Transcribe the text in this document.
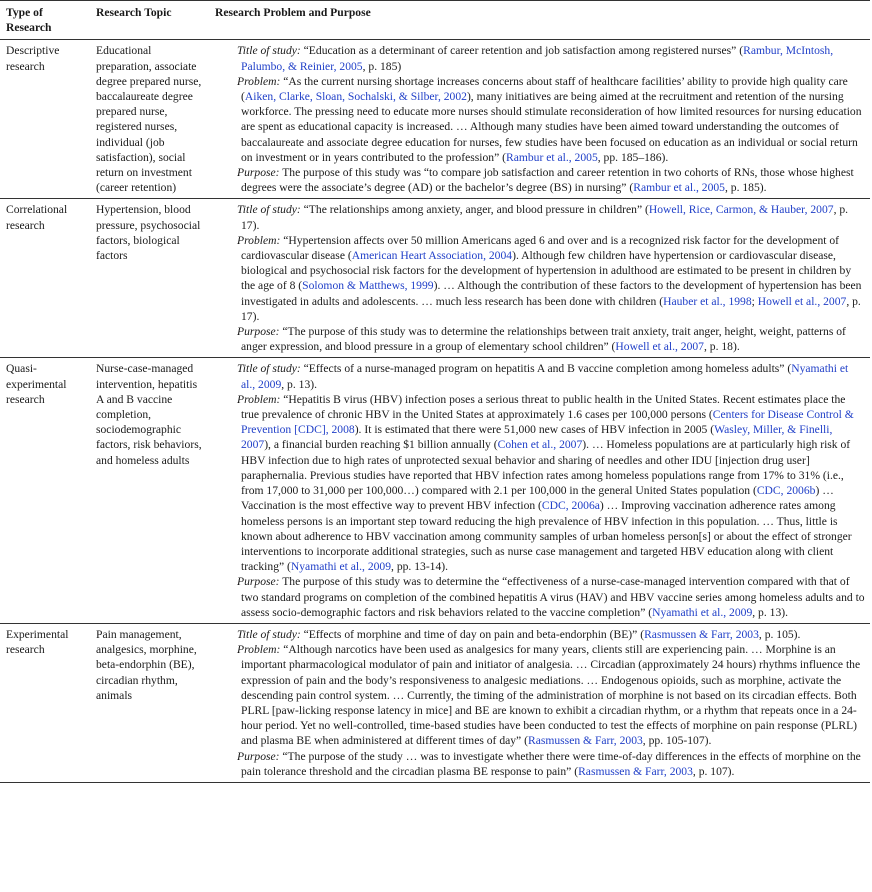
Type of Research	Research Topic	Research Problem and Purpose
Descriptive research	Educational preparation, associate degree prepared nurse, baccalaureate degree prepared nurse, registered nurses, individual (job satisfaction), social return on investment (career retention)	Title of study: “Education as a determinant of career retention and job satisfaction among registered nurses” (Rambur, McIntosh, Palumbo, & Reinier, 2005, p. 185)
Problem: “As the current nursing shortage increases concerns about staff of healthcare facilities’ ability to provide high quality care (Aiken, Clarke, Sloan, Sochalski, & Silber, 2002), many initiatives are being aimed at the recruitment and retention of the nursing workforce. The pressing need to educate more nurses should stimulate reconsideration of how limited resources for nursing education are spent as educational capacity is increased. … Although many studies have been aimed toward understanding the outcomes of baccalaureate and associate degree education for nurses, few studies have been focused on education as an individual or social return on investment or in years contributed to the profession” (Rambur et al., 2005, pp. 185–186).
Purpose: The purpose of this study was “to compare job satisfaction and career retention in two cohorts of RNs, those whose highest degrees were the associate’s degree (AD) or the bachelor’s degree (BS) in nursing” (Rambur et al., 2005, p. 185).

Correlational research	Hypertension, blood pressure, psychosocial factors, biological factors	Title of study: “The relationships among anxiety, anger, and blood pressure in children” (Howell, Rice, Carmon, & Hauber, 2007, p. 17).
Problem: “Hypertension affects over 50 million Americans aged 6 and over and is a recognized risk factor for the development of cardiovascular disease (American Heart Association, 2004). Although few children have hypertension or cardiovascular disease, biological and psychosocial risk factors for the development of hypertension in adulthood are estimated to be present in children by the age of 8 (Solomon & Matthews, 1999). … Although the contribution of these factors to the development of hypertension has been investigated in adults and adolescents. … much less research has been done with children (Hauber et al., 1998; Howell et al., 2007, p. 17).
Purpose: “The purpose of this study was to determine the relationships between trait anxiety, trait anger, height, weight, patterns of anger expression, and blood pressure in a group of elementary school children” (Howell et al., 2007, p. 18).

Quasi-experimental research	Nurse-case-managed intervention, hepatitis A and B vaccine completion, sociodemographic factors, risk behaviors, and homeless adults	Title of study: “Effects of a nurse-managed program on hepatitis A and B vaccine completion among homeless adults” (Nyamathi et al., 2009, p. 13).
Problem: “Hepatitis B virus (HBV) infection poses a serious threat to public health in the United States. Recent estimates place the true prevalence of chronic HBV in the United States at approximately 1.6 cases per 100,000 persons (Centers for Disease Control & Prevention [CDC], 2008). It is estimated that there were 51,000 new cases of HBV infection in 2005 (Wasley, Miller, & Finelli, 2007), a financial burden reaching $1 billion annually (Cohen et al., 2007). … Homeless populations are at particularly high risk of HBV infection due to high rates of unprotected sexual behavior and sharing of needles and other IDU [injection drug user] paraphernalia. Previous studies have reported that HBV infection rates among homeless populations range from 17% to 31% (i.e., from 17,000 to 31,000 per 100,000…) compared with 2.1 per 100,000 in the general United States population (CDC, 2006b) … Vaccination is the most effective way to prevent HBV infection (CDC, 2006a) … Improving vaccination adherence rates among homeless persons is an important step toward reducing the high prevalence of HBV infection in this population. … Thus, little is known about adherence to HBV vaccination among community samples of urban homeless person[s] or about the effect of stronger interventions to incorporate additional strategies, such as nurse case management and targeted HBV education along with client tracking” (Nyamathi et al., 2009, pp. 13-14).
Purpose: The purpose of this study was to determine the “effectiveness of a nurse-case-managed intervention compared with that of two standard programs on completion of the combined hepatitis A virus (HAV) and HBV vaccine series among homeless adults and to assess socio-demographic factors and risk behaviors related to the vaccine completion” (Nyamathi et al., 2009, p. 13).

Experimental research	Pain management, analgesics, morphine, beta-endorphin (BE), circadian rhythm, animals	Title of study: “Effects of morphine and time of day on pain and beta-endorphin (BE)” (Rasmussen & Farr, 2003, p. 105).
Problem: “Although narcotics have been used as analgesics for many years, clients still are experiencing pain. … Morphine is an important pharmacological modulator of pain and initiator of analgesia. … Circadian (approximately 24 hours) rhythms influence the expression of pain and the body’s responsiveness to analgesic mediations. … Endogenous opioids, such as morphine, activate the descending pain control system. … Currently, the timing of the administration of morphine is not based on its circadian effects. Both PLRL [paw-licking response latency in mice] and BE are known to exhibit a circadian rhythm, or a rhythm that repeats once in a 24-hour period. Yet no well-controlled, time-based studies have been conducted to test the effects of morphine on pain response (PLRL) and plasma BE when administered at different times of day” (Rasmussen & Farr, 2003, pp. 105-107).
Purpose: “The purpose of the study … was to investigate whether there were time-of-day differences in the effects of morphine on the pain tolerance threshold and the circadian plasma BE response to pain” (Rasmussen & Farr, 2003, p. 107).
